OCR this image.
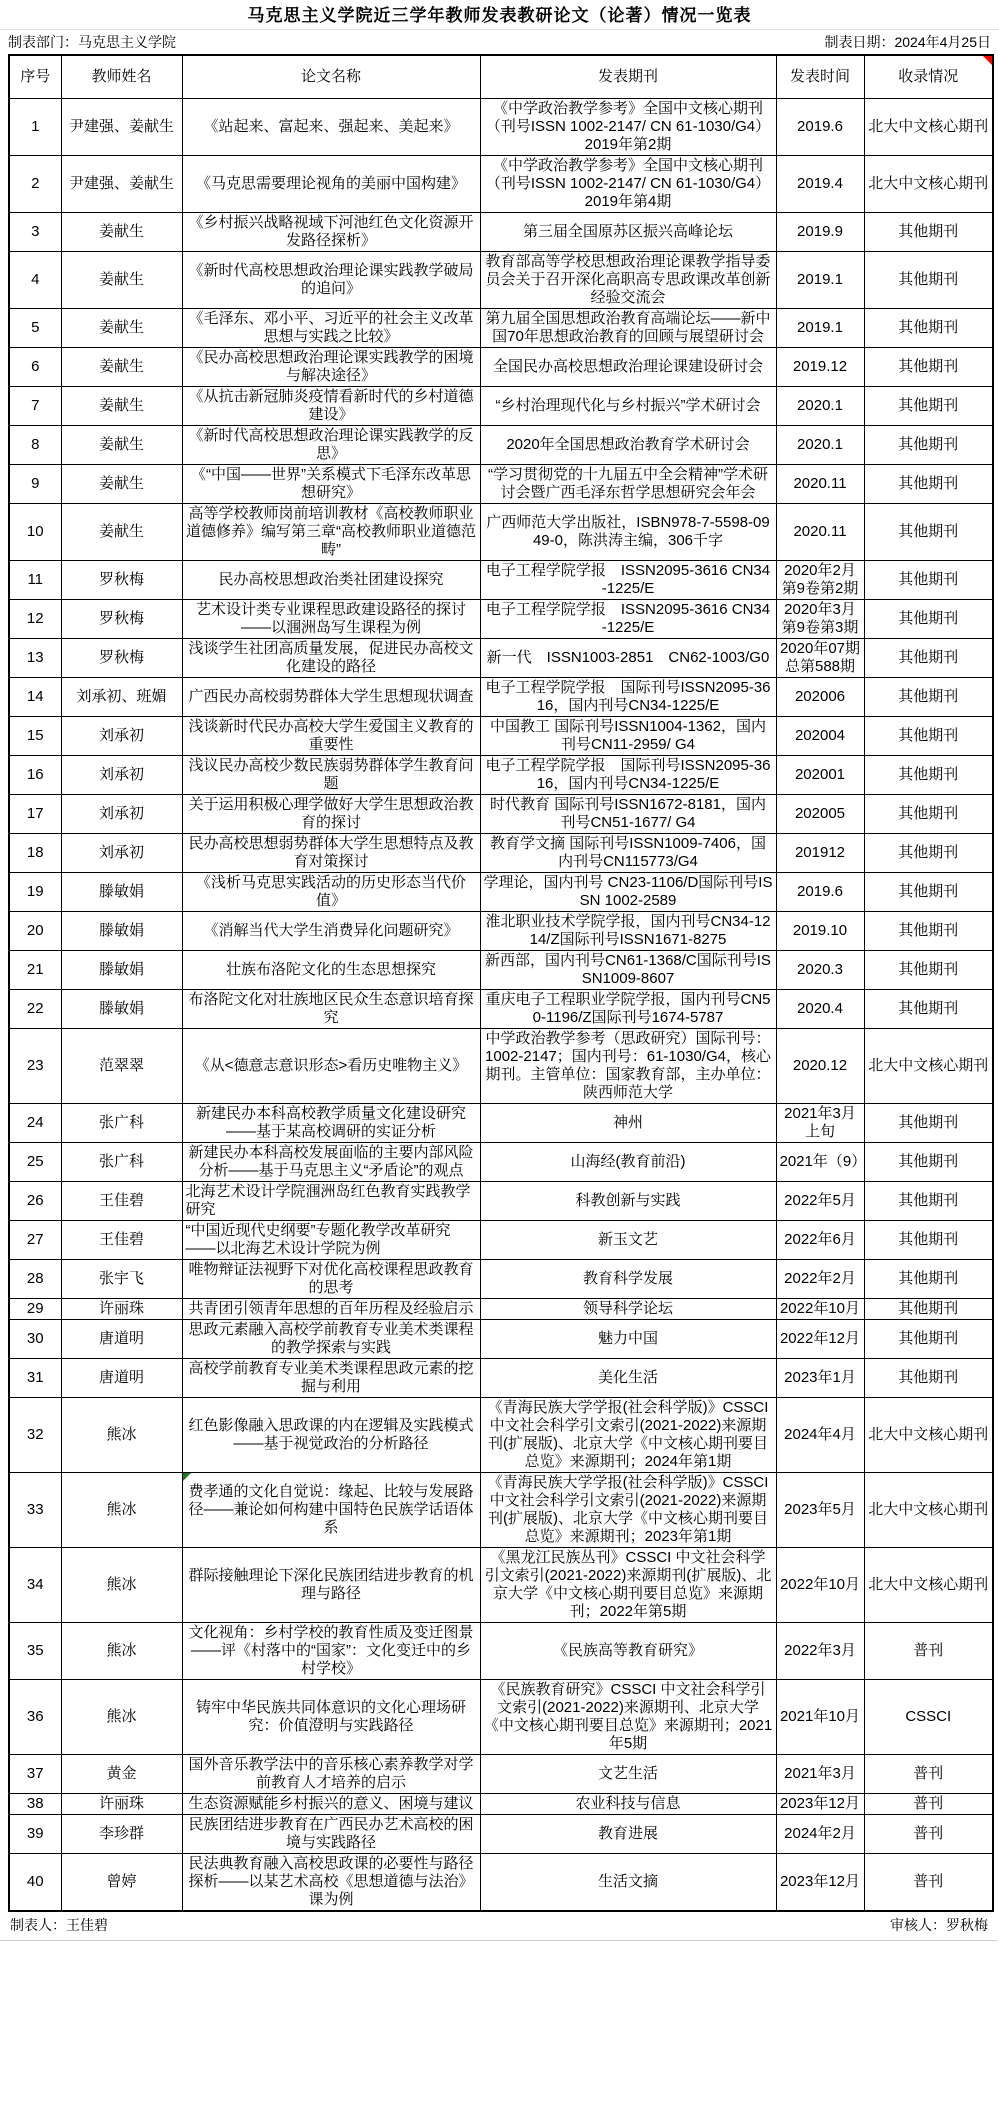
马克思主义学院近三学年教师发表教研论文（论著）情况一览表
制表部门：马克思主义学院	制表日期：2024年4月25日
序号	教师姓名	论文名称	发表期刊	发表时间	收录情况

1	尹建强、姜献生	《站起来、富起来、强起来、美起来》	《中学政治教学参考》全国中文核心期刊（刊号ISSN 1002-2147/ CN 61-1030/G4）2019年第2期	2019.6	北大中文核心期刊
2	尹建强、姜献生	《马克思需要理论视角的美丽中国构建》	《中学政治教学参考》全国中文核心期刊（刊号ISSN 1002-2147/ CN 61-1030/G4）2019年第4期	2019.4	北大中文核心期刊
3	姜献生	《乡村振兴战略视域下河池红色文化资源开发路径探析》	第三届全国原苏区振兴高峰论坛	2019.9	其他期刊
4	姜献生	《新时代高校思想政治理论课实践教学破局的追问》	教育部高等学校思想政治理论课教学指导委员会关于召开深化高职高专思政课改革创新经验交流会	2019.1	其他期刊
5	姜献生	《毛泽东、邓小平、习近平的社会主义改革思想与实践之比较》	第九届全国思想政治教育高端论坛——新中国70年思想政治教育的回顾与展望研讨会	2019.1	其他期刊
6	姜献生	《民办高校思想政治理论课实践教学的困境与解决途径》	全国民办高校思想政治理论课建设研讨会	2019.12	其他期刊
7	姜献生	《从抗击新冠肺炎疫情看新时代的乡村道德建设》	“乡村治理现代化与乡村振兴”学术研讨会	2020.1	其他期刊
8	姜献生	《新时代高校思想政治理论课实践教学的反思》	2020年全国思想政治教育学术研讨会	2020.1	其他期刊
9	姜献生	《“中国——世界”关系模式下毛泽东改革思想研究》	“学习贯彻党的十九届五中全会精神”学术研讨会暨广西毛泽东哲学思想研究会年会	2020.11	其他期刊
10	姜献生	高等学校教师岗前培训教材《高校教师职业道德修养》编写第三章“高校教师职业道德范畴”	广西师范大学出版社，ISBN978-7-5598-0949-0，陈洪涛主编，306千字	2020.11	其他期刊
11	罗秋梅	民办高校思想政治类社团建设探究	电子工程学院学报　ISSN2095-3616 CN34-1225/E	2020年2月第9卷第2期	其他期刊
12	罗秋梅	艺术设计类专业课程思政建设路径的探讨——以涠洲岛写生课程为例	电子工程学院学报　ISSN2095-3616 CN34-1225/E	2020年3月第9卷第3期	其他期刊
13	罗秋梅	浅谈学生社团高质量发展，促进民办高校文化建设的路径	新一代　ISSN1003-2851　CN62-1003/G0	2020年07期总第588期	其他期刊
14	刘承初、班媚	广西民办高校弱势群体大学生思想现状调查	电子工程学院学报　国际刊号ISSN2095-3616，国内刊号CN34-1225/E	202006	其他期刊
15	刘承初	浅谈新时代民办高校大学生爱国主义教育的重要性	中国教工 国际刊号ISSN1004-1362，国内刊号CN11-2959/ G4	202004	其他期刊
16	刘承初	浅议民办高校少数民族弱势群体学生教育问题	电子工程学院学报　国际刊号ISSN2095-3616，国内刊号CN34-1225/E	202001	其他期刊
17	刘承初	关于运用积极心理学做好大学生思想政治教育的探讨	时代教育 国际刊号ISSN1672-8181，国内刊号CN51-1677/ G4	202005	其他期刊
18	刘承初	民办高校思想弱势群体大学生思想特点及教育对策探讨	教育学文摘 国际刊号ISSN1009-7406，国内刊号CN115773/G4	201912	其他期刊
19	滕敏娟	《浅析马克思实践活动的历史形态当代价值》	学理论，国内刊号 CN23-1106/D国际刊号ISSN 1002-2589	2019.6	其他期刊
20	滕敏娟	《消解当代大学生消费异化问题研究》	淮北职业技术学院学报，国内刊号CN34-1214/Z国际刊号ISSN1671-8275	2019.10	其他期刊
21	滕敏娟	壮族布洛陀文化的生态思想探究	新西部，国内刊号CN61-1368/C国际刊号ISSN1009-8607	2020.3	其他期刊
22	滕敏娟	布洛陀文化对壮族地区民众生态意识培育探究	重庆电子工程职业学院学报，国内刊号CN50-1196/Z国际刊号1674-5787	2020.4	其他期刊
23	范翠翠	《从<德意志意识形态>看历史唯物主义》	中学政治教学参考（思政研究）国际刊号：1002-2147；国内刊号：61-1030/G4，核心期刊。主管单位：国家教育部，主办单位：陕西师范大学	2020.12	北大中文核心期刊
24	张广科	新建民办本科高校教学质量文化建设研究——基于某高校调研的实证分析	神州	2021年3月上旬	其他期刊
25	张广科	新建民办本科高校发展面临的主要内部风险分析——基于马克思主义“矛盾论”的观点	山海经(教育前沿)	2021年（9）	其他期刊
26	王佳碧	北海艺术设计学院涠洲岛红色教育实践教学研究	科教创新与实践	2022年5月	其他期刊
27	王佳碧	“中国近现代史纲要”专题化教学改革研究——以北海艺术设计学院为例	新玉文艺	2022年6月	其他期刊
28	张宇飞	唯物辩证法视野下对优化高校课程思政教育的思考	教育科学发展	2022年2月	其他期刊
29	许丽珠	共青团引领青年思想的百年历程及经验启示	领导科学论坛	2022年10月	其他期刊
30	唐道明	思政元素融入高校学前教育专业美术类课程的教学探索与实践	魅力中国	2022年12月	其他期刊
31	唐道明	高校学前教育专业美术类课程思政元素的挖掘与利用	美化生活	2023年1月	其他期刊
32	熊冰	红色影像融入思政课的内在逻辑及实践模式——基于视觉政治的分析路径	《青海民族大学学报(社会科学版)》CSSCI 中文社会科学引文索引(2021-2022)来源期刊(扩展版)、北京大学《中文核心期刊要目总览》来源期刊；2024年第1期	2024年4月	北大中文核心期刊
33	熊冰	费孝通的文化自觉说：缘起、比较与发展路径——兼论如何构建中国特色民族学话语体系	《青海民族大学学报(社会科学版)》CSSCI 中文社会科学引文索引(2021-2022)来源期刊(扩展版)、北京大学《中文核心期刊要目总览》来源期刊；2023年第1期	2023年5月	北大中文核心期刊
34	熊冰	群际接触理论下深化民族团结进步教育的机理与路径	《黑龙江民族丛刊》CSSCI 中文社会科学引文索引(2021-2022)来源期刊(扩展版)、北京大学《中文核心期刊要目总览》来源期刊；2022年第5期	2022年10月	北大中文核心期刊
35	熊冰	文化视角：乡村学校的教育性质及变迁图景——评《村落中的“国家”：文化变迁中的乡村学校》	《民族高等教育研究》	2022年3月	普刊
36	熊冰	铸牢中华民族共同体意识的文化心理场研究：价值澄明与实践路径	《民族教育研究》CSSCI 中文社会科学引文索引(2021-2022)来源期刊、北京大学《中文核心期刊要目总览》来源期刊；2021年5期	2021年10月	CSSCI
37	黄金	国外音乐教学法中的音乐核心素养教学对学前教育人才培养的启示	文艺生活	2021年3月	普刊
38	许丽珠	生态资源赋能乡村振兴的意义、困境与建议	农业科技与信息	2023年12月	普刊
39	李珍群	民族团结进步教育在广西民办艺术高校的困境与实践路径	教育进展	2024年2月	普刊
40	曾婷	民法典教育融入高校思政课的必要性与路径探析——以某艺术高校《思想道德与法治》课为例	生活文摘	2023年12月	普刊
制表人：王佳碧	审核人：罗秋梅
